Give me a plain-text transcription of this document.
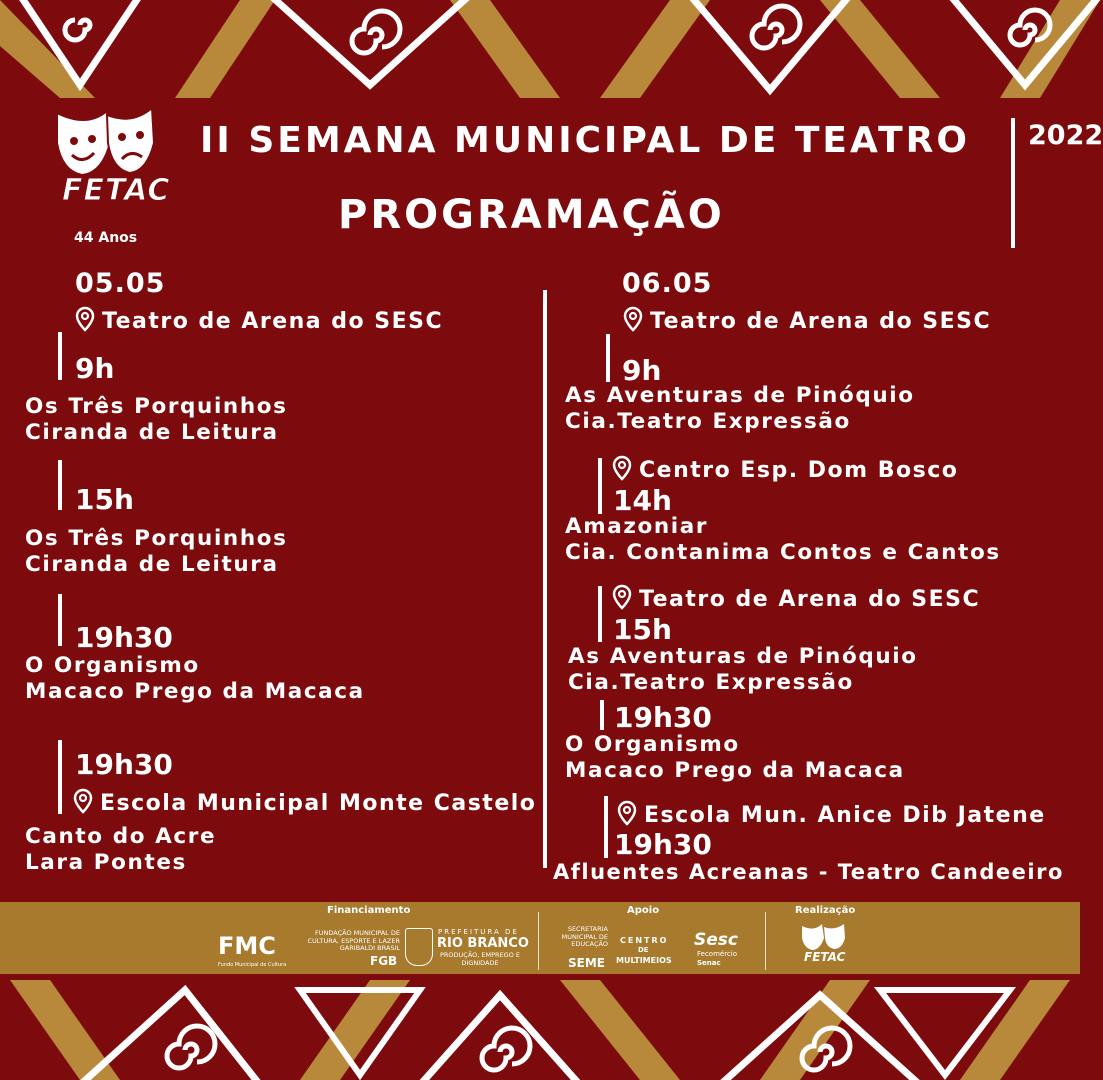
FETAC
44 Anos
II SEMANA MUNICIPAL DE TEATRO
PROGRAMAÇÃO
2022
05.05
Teatro de Arena do SESC
9h
Os Três Porquinhos
Ciranda de Leitura
15h
Os Três Porquinhos
Ciranda de Leitura
19h30
O Organismo
Macaco Prego da Macaca
19h30
Escola Municipal Monte Castelo
Canto do Acre
Lara Pontes
06.05
Teatro de Arena do SESC
9h
As Aventuras de Pinóquio
Cia.Teatro Expressão
Centro Esp. Dom Bosco
14h
Amazoniar
Cia. Contanima Contos e Cantos
Teatro de Arena do SESC
15h
As Aventuras de Pinóquio
Cia.Teatro Expressão
19h30
O Organismo
Macaco Prego da Macaca
Escola Mun. Anice Dib Jatene
19h30
Afluentes Acreanas - Teatro Candeeiro
Financiamento	Apoio	Realização
FMC
Fundo Municipal de Cultura
FUNDAÇÃO MUNICIPAL DE CULTURA, ESPORTE E LAZER GARIBALDI BRASIL
FGB
PREFEITURA DE
RIO BRANCO
PRODUÇÃO, EMPREGO E DIGNIDADE
SECRETARIA MUNICIPAL DE EDUCAÇÃO
SEME
CENTRO
DE
MULTIMEIOS
Sesc
Fecomércio
Senac	FETAC
